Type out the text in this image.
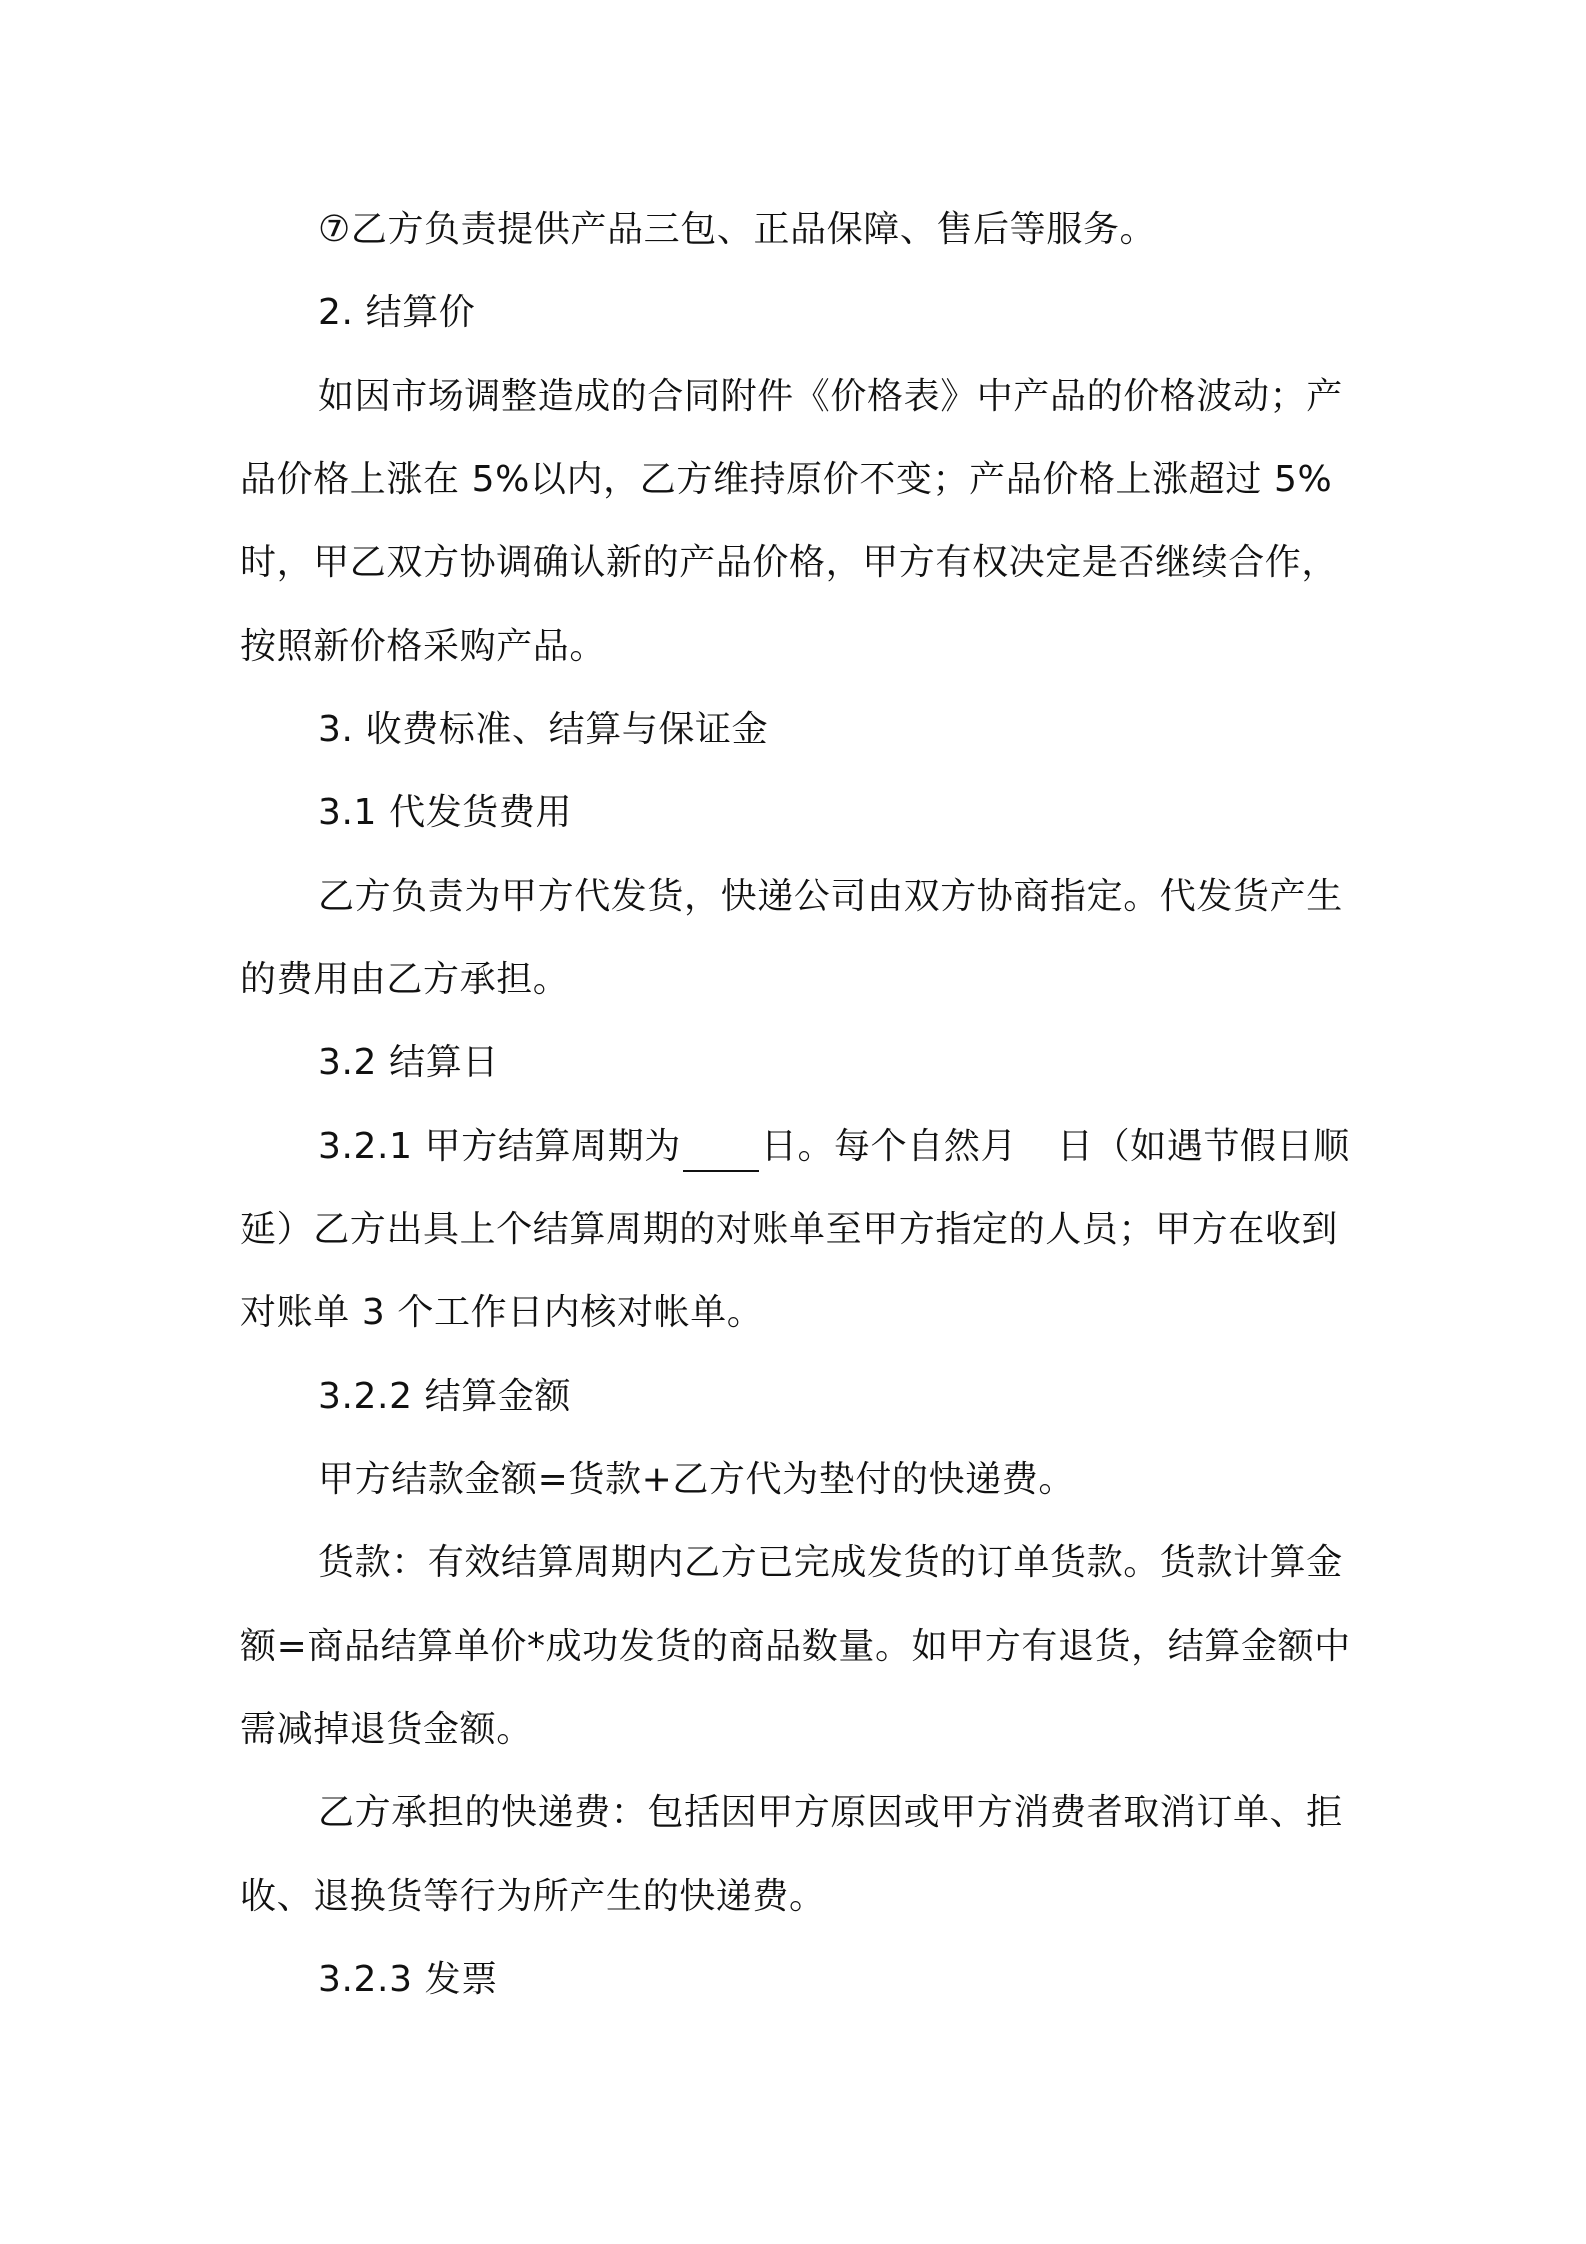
⑦乙方负责提供产品三包、正品保障、售后等服务。
2. 结算价
如因市场调整造成的合同附件《价格表》中产品的价格波动；产
品价格上涨在 5%以内，乙方维持原价不变；产品价格上涨超过 5%
时，甲乙双方协调确认新的产品价格，甲方有权决定是否继续合作，
按照新价格采购产品。
3. 收费标准、结算与保证金
3.1 代发货费用
乙方负责为甲方代发货，快递公司由双方协商指定。代发货产生
的费用由乙方承担。
3.2 结算日
3.2.1 甲方结算周期为 日。每个自然月 日（如遇节假日顺
延）乙方出具上个结算周期的对账单至甲方指定的人员；甲方在收到
对账单 3 个工作日内核对帐单。
3.2.2 结算金额
甲方结款金额=货款+乙方代为垫付的快递费。
货款：有效结算周期内乙方已完成发货的订单货款。货款计算金
额=商品结算单价*成功发货的商品数量。如甲方有退货，结算金额中
需减掉退货金额。
乙方承担的快递费：包括因甲方原因或甲方消费者取消订单、拒
收、退换货等行为所产生的快递费。
3.2.3 发票
